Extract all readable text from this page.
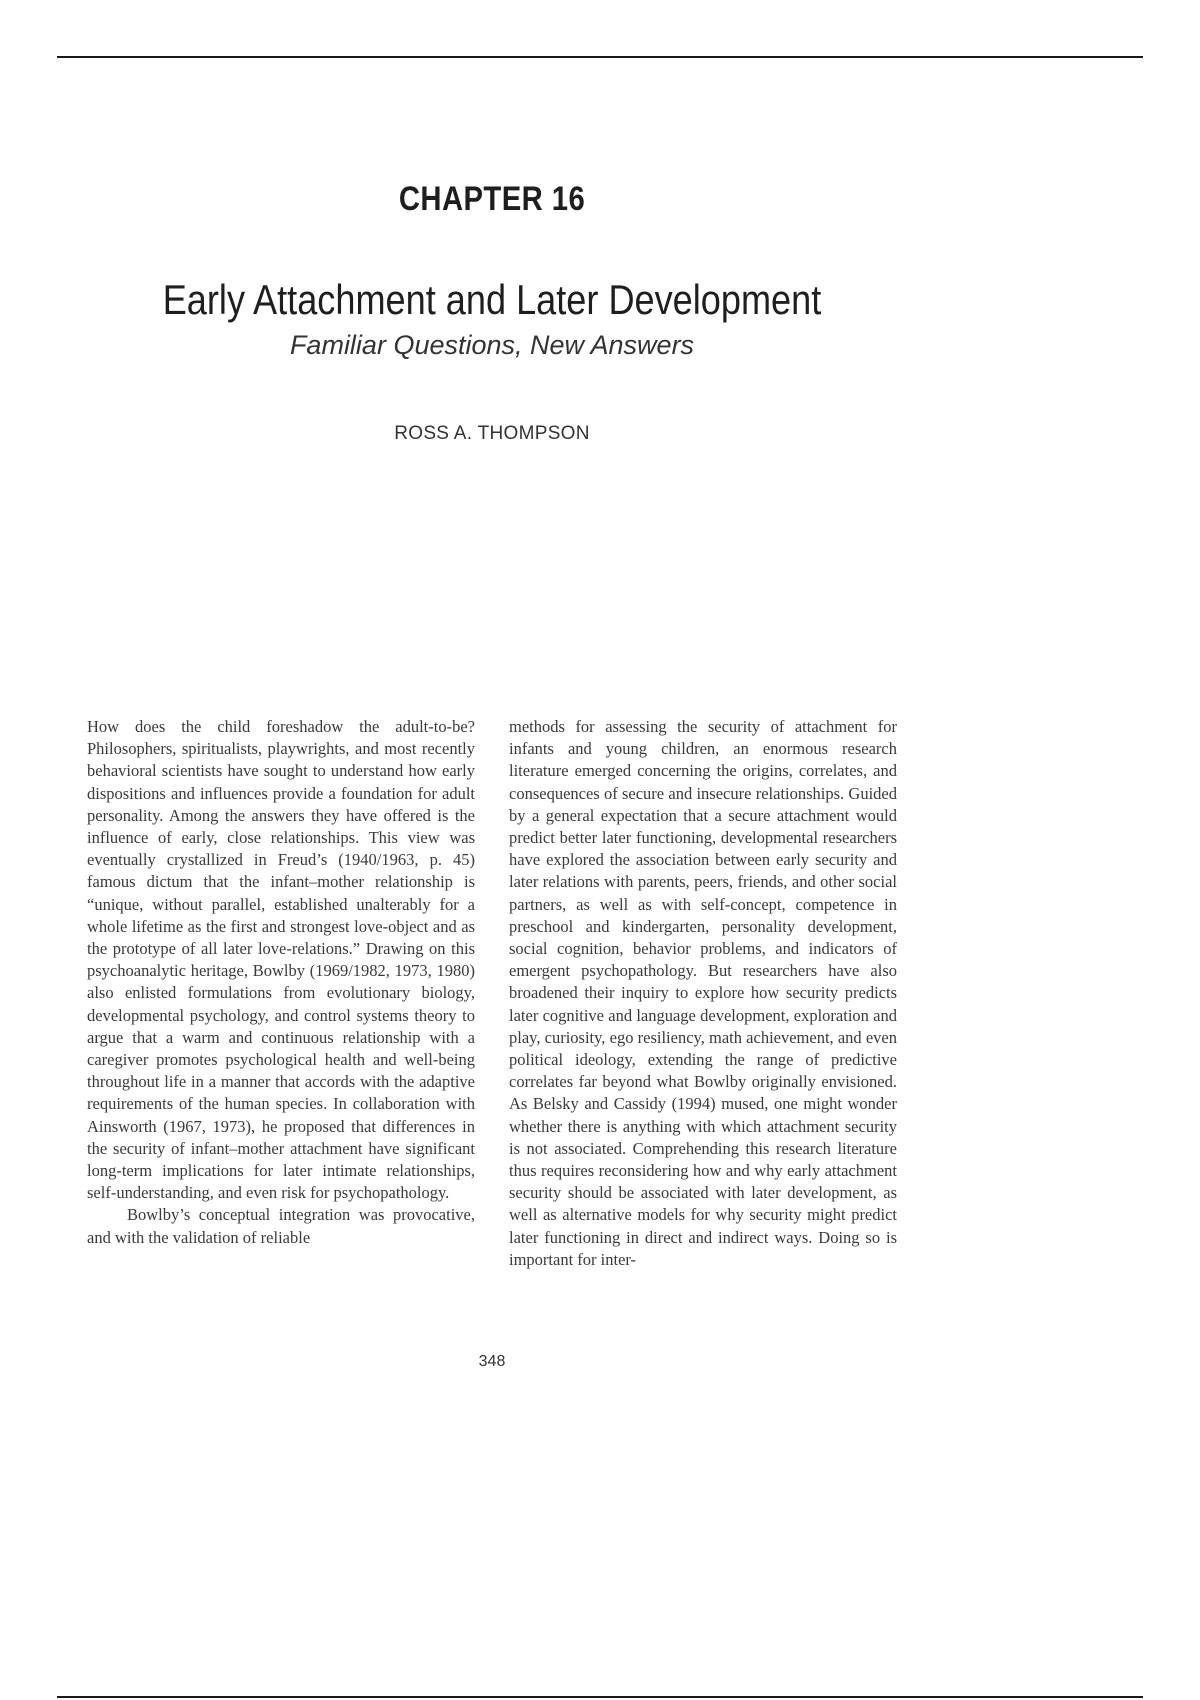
CHAPTER 16
Early Attachment and Later Development
Familiar Questions, New Answers
ROSS A. THOMPSON

How does the child foreshadow the adult-to-be? Philosophers, spiritualists, playwrights, and most recently behavioral scientists have sought to understand how early dispositions and influences provide a foundation for adult personality. Among the answers they have offered is the influence of early, close relationships. This view was eventually crystallized in Freud’s (1940/1963, p. 45) famous dictum that the infant–mother relationship is “unique, without parallel, established unalterably for a whole lifetime as the first and strongest love-object and as the prototype of all later love-relations.” Drawing on this psychoanalytic heritage, Bowlby (1969/1982, 1973, 1980) also enlisted formulations from evolutionary biology, developmental psychology, and control systems theory to argue that a warm and continuous relationship with a caregiver promotes psychological health and well-being throughout life in a manner that accords with the adaptive requirements of the human species. In collaboration with Ainsworth (1967, 1973), he proposed that differences in the security of infant–mother attachment have significant long-term implications for later intimate relationships, self-understanding, and even risk for psychopathology.

Bowlby’s conceptual integration was provocative, and with the validation of reliable

methods for assessing the security of attachment for infants and young children, an enormous research literature emerged concerning the origins, correlates, and consequences of secure and insecure relationships. Guided by a general expectation that a secure attachment would predict better later functioning, developmental researchers have explored the association between early security and later relations with parents, peers, friends, and other social partners, as well as with self-concept, competence in preschool and kindergarten, personality development, social cognition, behavior problems, and indicators of emergent psychopathology. But researchers have also broadened their inquiry to explore how security predicts later cognitive and language development, exploration and play, curiosity, ego resiliency, math achievement, and even political ideology, extending the range of predictive correlates far beyond what Bowlby originally envisioned. As Belsky and Cassidy (1994) mused, one might wonder whether there is anything with which attachment security is not associated. Comprehending this research literature thus requires reconsidering how and why early attachment security should be associated with later development, as well as alternative models for why security might predict later functioning in direct and indirect ways. Doing so is important for inter-

348
